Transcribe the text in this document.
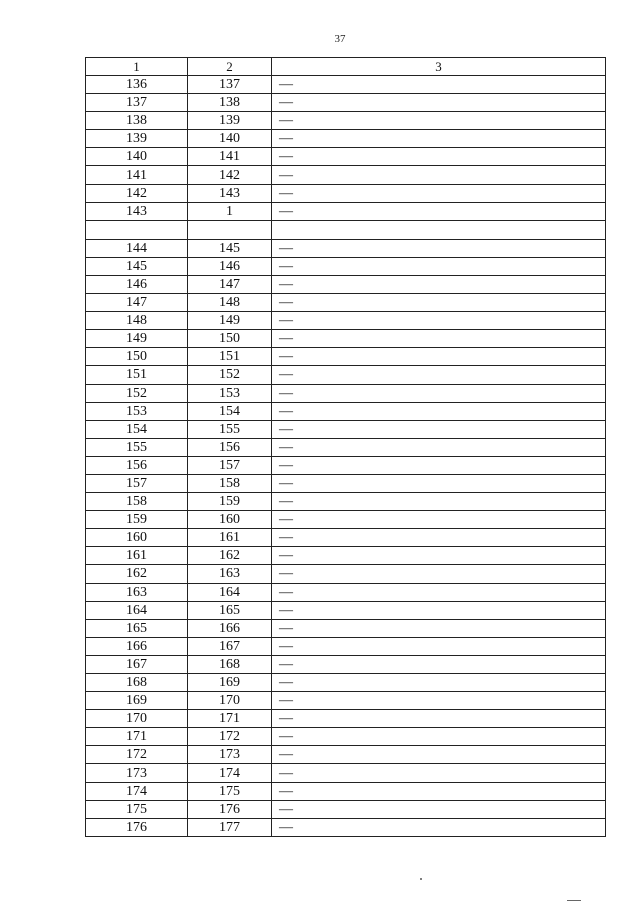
37
1	2	3
136	137	—
137	138	—
138	139	—
139	140	—
140	141	—
141	142	—
142	143	—
143	1	—

144	145	—
145	146	—
146	147	—
147	148	—
148	149	—
149	150	—
150	151	—
151	152	—
152	153	—
153	154	—
154	155	—
155	156	—
156	157	—
157	158	—
158	159	—
159	160	—
160	161	—
161	162	—
162	163	—
163	164	—
164	165	—
165	166	—
166	167	—
167	168	—
168	169	—
169	170	—
170	171	—
171	172	—
172	173	—
173	174	—
174	175	—
175	176	—
176	177	—
